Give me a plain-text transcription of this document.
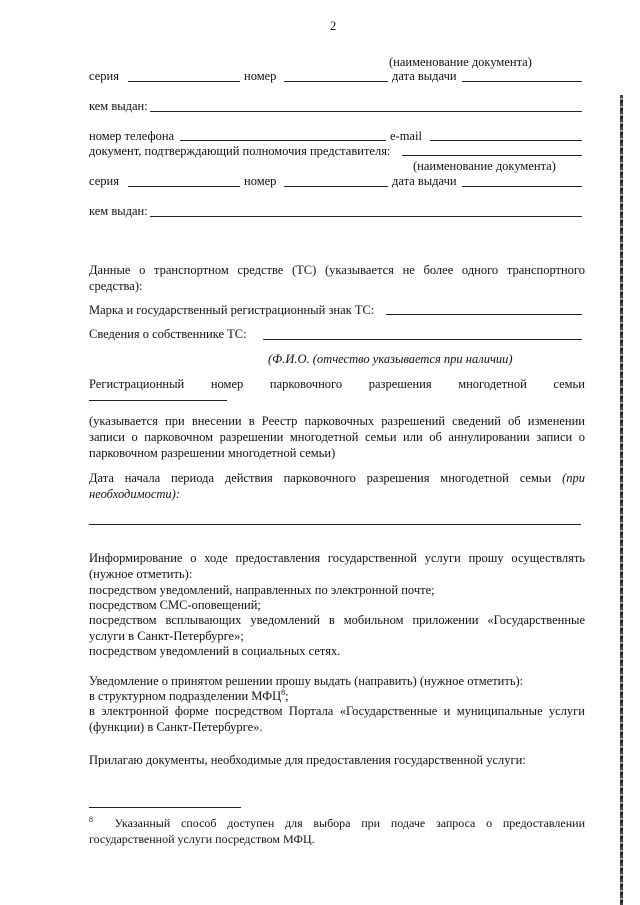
2
(наименование документа)
серия	номер	дата выдачи
кем выдан:
номер телефона	e-mail
документ, подтверждающий полномочия представителя:
(наименование документа)
серия	номер	дата выдачи
кем выдан:
Данные о транспортном средстве (ТС) (указывается не более одного транспортного средства):
Марка и государственный регистрационный знак ТС:
Сведения о собственнике ТС:
(Ф.И.О. (отчество указывается при наличии)
Регистрационный номер парковочного разрешения многодетной семьи
(указывается при внесении в Реестр парковочных разрешений сведений об изменении записи о парковочном разрешении многодетной семьи или об аннулировании записи о парковочном разрешении многодетной семьи)
Дата начала периода действия парковочного разрешения многодетной семьи (при необходимости):
Информирование о ходе предоставления государственной услуги прошу осуществлять (нужное отметить):
посредством уведомлений, направленных по электронной почте;
посредством СМС-оповещений;
посредством всплывающих уведомлений в мобильном приложении «Государственные услуги в Санкт-Петербурге»;
посредством уведомлений в социальных сетях.
Уведомление о принятом решении прошу выдать (направить) (нужное отметить):
в структурном подразделении МФЦ$^8$;
в электронной форме посредством Портала «Государственные и муниципальные услуги (функции) в Санкт-Петербурге».
Прилагаю документы, необходимые для предоставления государственной услуги:
$^8$ Указанный способ доступен для выбора при подаче запроса о предоставлении государственной услуги посредством МФЦ.
